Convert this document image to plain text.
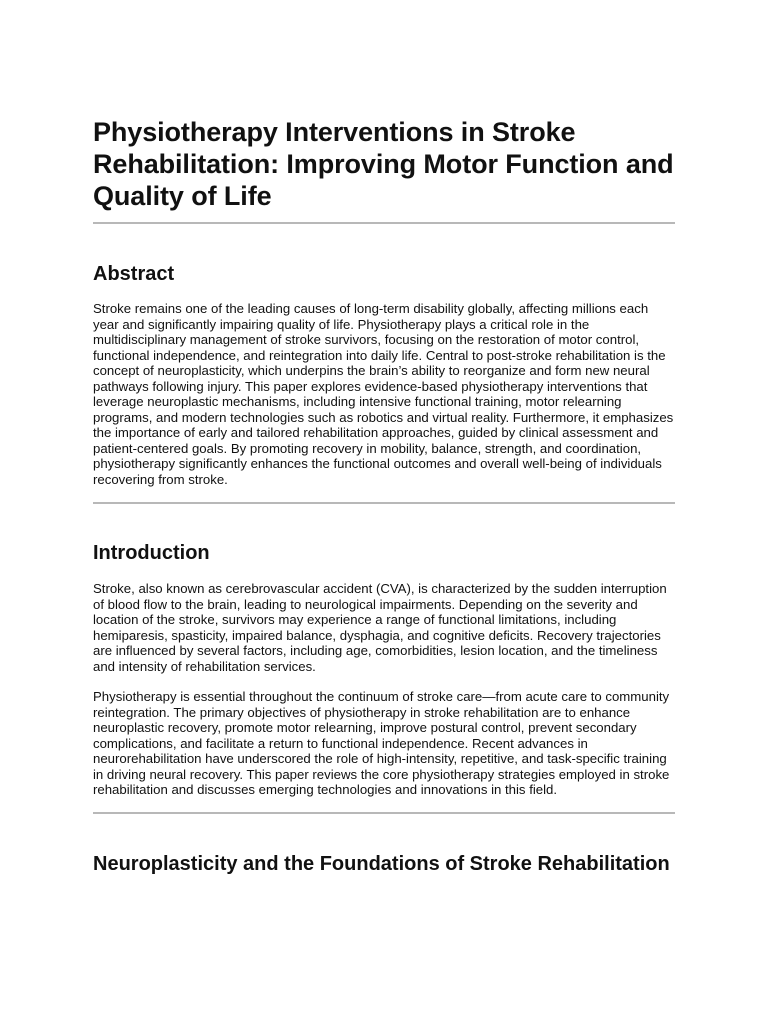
Physiotherapy Interventions in Stroke Rehabilitation: Improving Motor Function and Quality of Life
Abstract

Stroke remains one of the leading causes of long-term disability globally, affecting millions each year and significantly impairing quality of life. Physiotherapy plays a critical role in the multidisciplinary management of stroke survivors, focusing on the restoration of motor control, functional independence, and reintegration into daily life. Central to post-stroke rehabilitation is the concept of neuroplasticity, which underpins the brain’s ability to reorganize and form new neural pathways following injury. This paper explores evidence-based physiotherapy interventions that leverage neuroplastic mechanisms, including intensive functional training, motor relearning programs, and modern technologies such as robotics and virtual reality. Furthermore, it emphasizes the importance of early and tailored rehabilitation approaches, guided by clinical assessment and patient-centered goals. By promoting recovery in mobility, balance, strength, and coordination, physiotherapy significantly enhances the functional outcomes and overall well-being of individuals recovering from stroke.

Introduction

Stroke, also known as cerebrovascular accident (CVA), is characterized by the sudden interruption of blood flow to the brain, leading to neurological impairments. Depending on the severity and location of the stroke, survivors may experience a range of functional limitations, including hemiparesis, spasticity, impaired balance, dysphagia, and cognitive deficits. Recovery trajectories are influenced by several factors, including age, comorbidities, lesion location, and the timeliness and intensity of rehabilitation services.

Physiotherapy is essential throughout the continuum of stroke care—from acute care to community reintegration. The primary objectives of physiotherapy in stroke rehabilitation are to enhance neuroplastic recovery, promote motor relearning, improve postural control, prevent secondary complications, and facilitate a return to functional independence. Recent advances in neurorehabilitation have underscored the role of high-intensity, repetitive, and task-specific training in driving neural recovery. This paper reviews the core physiotherapy strategies employed in stroke rehabilitation and discusses emerging technologies and innovations in this field.

Neuroplasticity and the Foundations of Stroke Rehabilitation
